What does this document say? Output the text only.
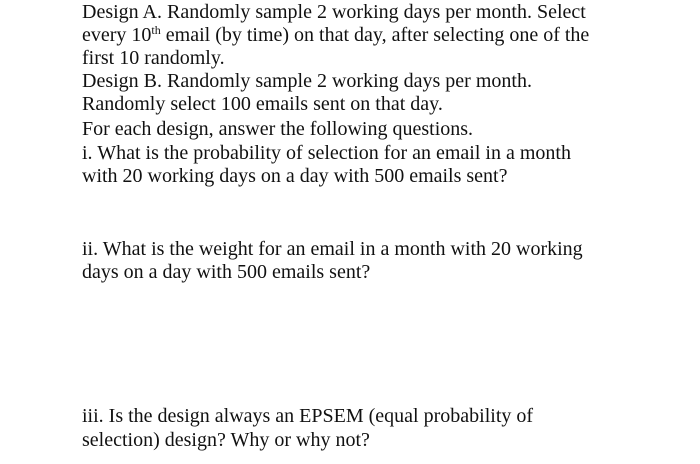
Design A. Randomly sample 2 working days per month. Select

every 10th email (by time) on that day, after selecting one of the

first 10 randomly.

Design B. Randomly sample 2 working days per month.

Randomly select 100 emails sent on that day.

For each design, answer the following questions.

i. What is the probability of selection for an email in a month

with 20 working days on a day with 500 emails sent?

ii. What is the weight for an email in a month with 20 working

days on a day with 500 emails sent?

iii. Is the design always an EPSEM (equal probability of

selection) design? Why or why not?
